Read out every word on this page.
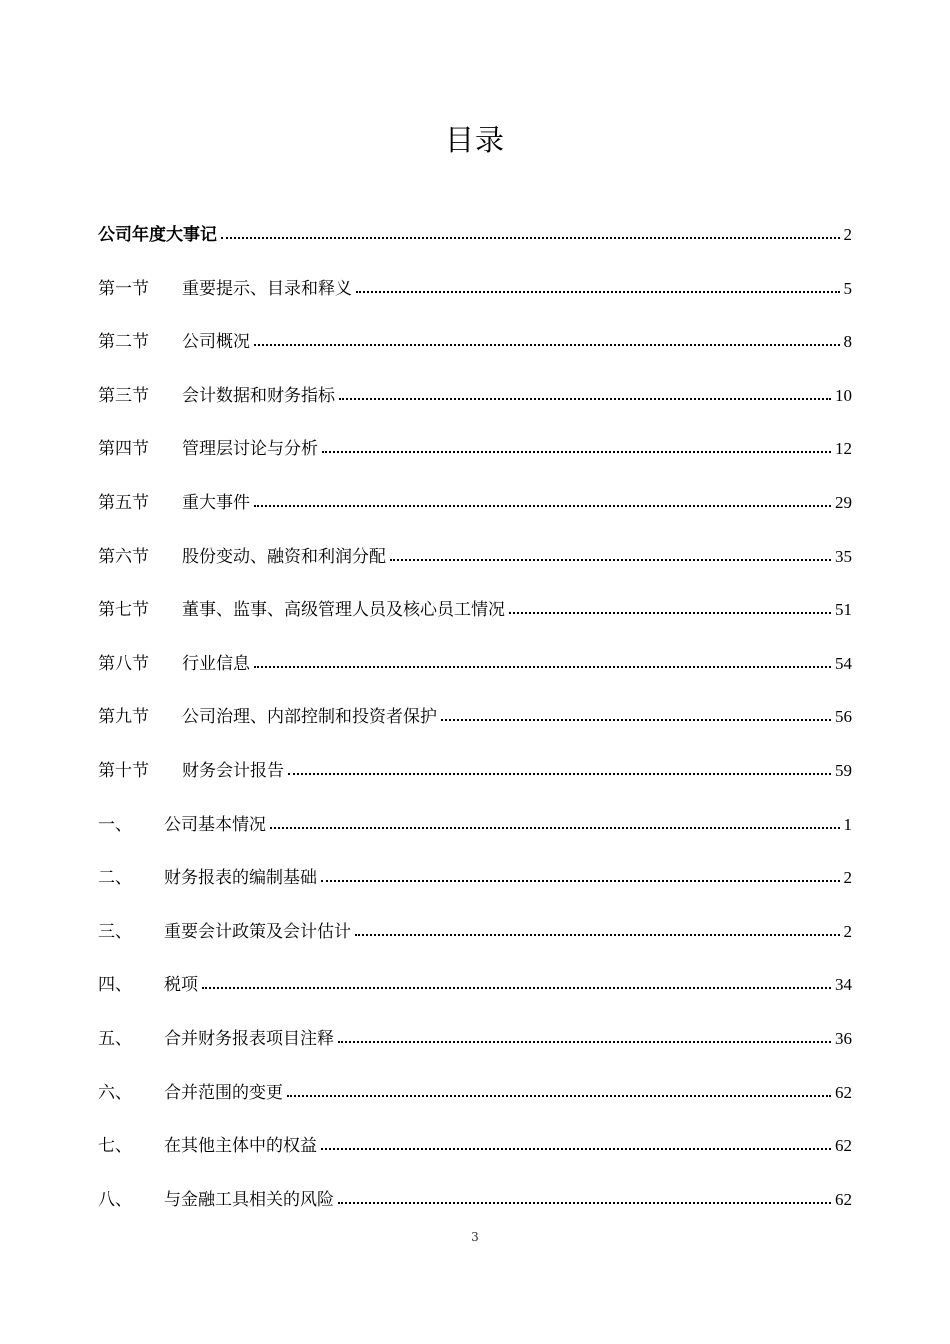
目录
公司年度大事记	2
第一节	重要提示、目录和释义	5
第二节	公司概况	8
第三节	会计数据和财务指标	10
第四节	管理层讨论与分析	12
第五节	重大事件	29
第六节	股份变动、融资和利润分配	35
第七节	董事、监事、高级管理人员及核心员工情况	51
第八节	行业信息	54
第九节	公司治理、内部控制和投资者保护	56
第十节	财务会计报告	59
一、	公司基本情况	1
二、	财务报表的编制基础	2
三、	重要会计政策及会计估计	2
四、	税项	34
五、	合并财务报表项目注释	36
六、	合并范围的变更	62
七、	在其他主体中的权益	62
八、	与金融工具相关的风险	62
3
